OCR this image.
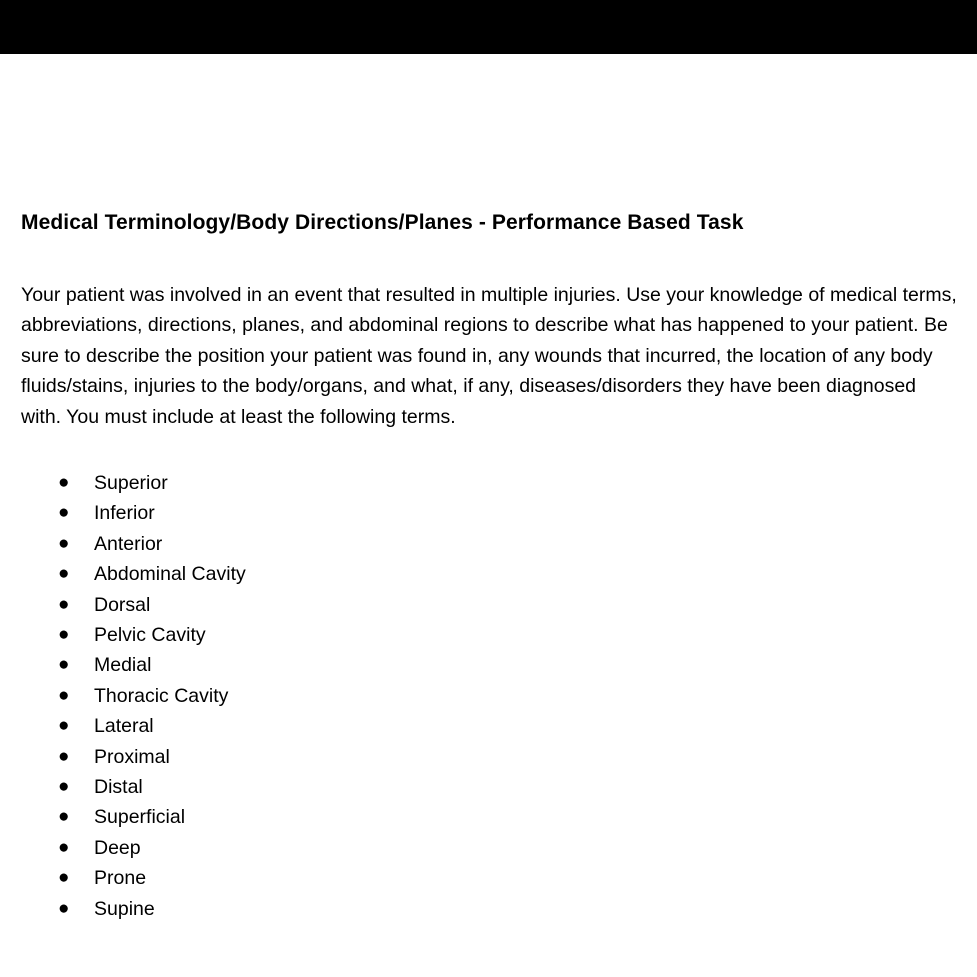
Medical Terminology/Body Directions/Planes - Performance Based Task

Your patient was involved in an event that resulted in multiple injuries. Use your knowledge of medical terms, abbreviations, directions, planes, and abdominal regions to describe what has happened to your patient. Be sure to describe the position your patient was found in, any wounds that incurred, the location of any body fluids/stains, injuries to the body/organs, and what, if any, diseases/disorders they have been diagnosed with. You must include at least the following terms.

● Superior
● Inferior
● Anterior
● Abdominal Cavity
● Dorsal
● Pelvic Cavity
● Medial
● Thoracic Cavity
● Lateral
● Proximal
● Distal
● Superficial
● Deep
● Prone
● Supine
